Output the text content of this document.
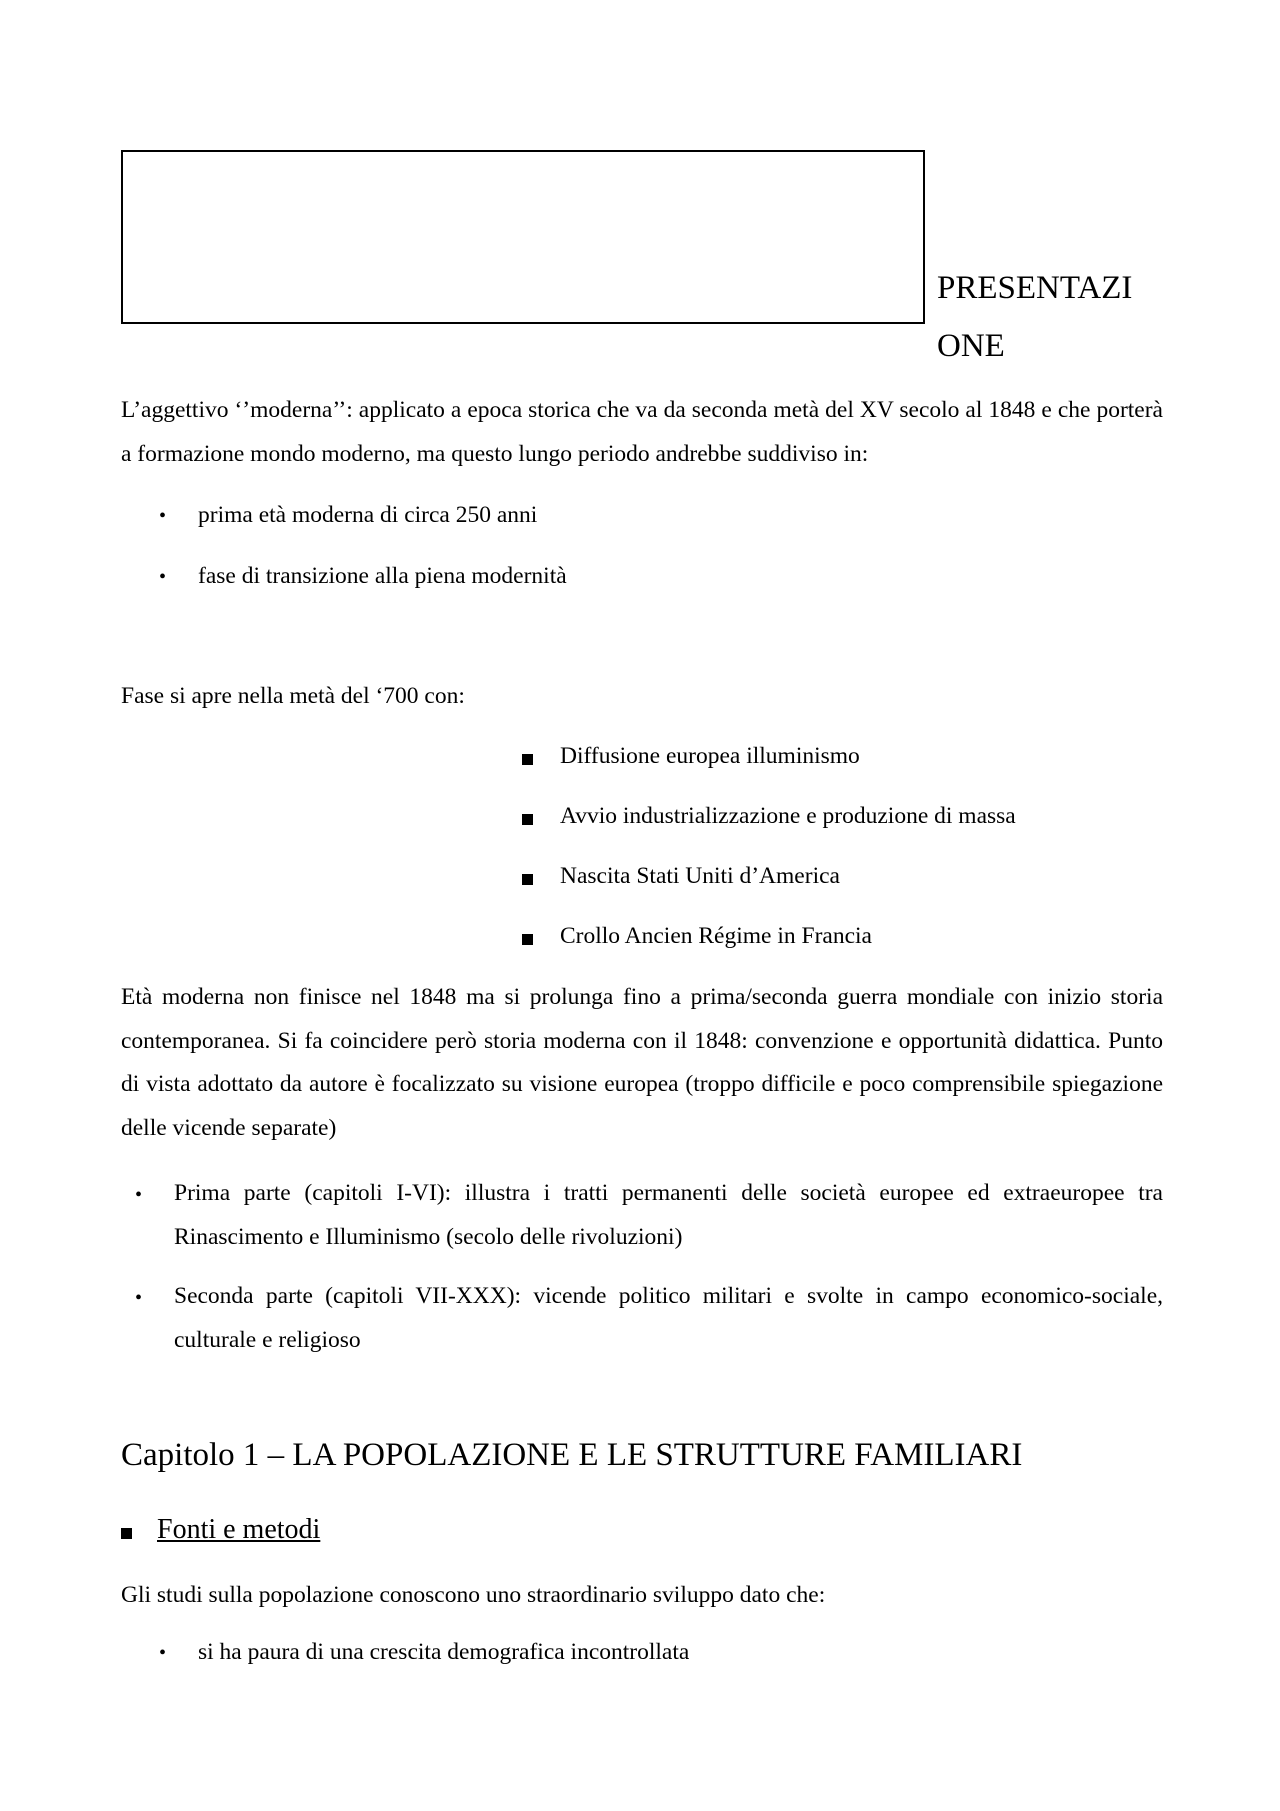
PRESENTAZI
ONE

L’aggettivo ‘’moderna’’: applicato a epoca storica che va da seconda metà del XV secolo al 1848 e che porterà a formazione mondo moderno, ma questo lungo periodo andrebbe suddiviso in:

• prima età moderna di circa 250 anni
• fase di transizione alla piena modernità
Fase si apre nella metà del ‘700 con:
Diffusione europea illuminismo
Avvio industrializzazione e produzione di massa
Nascita Stati Uniti d’America
Crollo Ancien Régime in Francia

Età moderna non finisce nel 1848 ma si prolunga fino a prima/seconda guerra mondiale con inizio storia contemporanea. Si fa coincidere però storia moderna con il 1848: convenzione e opportunità didattica. Punto di vista adottato da autore è focalizzato su visione europea (troppo difficile e poco comprensibile spiegazione delle vicende separate)

• Prima parte (capitoli I-VI): illustra i tratti permanenti delle società europee ed extraeuropee tra Rinascimento e Illuminismo (secolo delle rivoluzioni)

• Seconda parte (capitoli VII-XXX): vicende politico militari e svolte in campo economico-sociale, culturale e religioso

Capitolo 1 – LA POPOLAZIONE E LE STRUTTURE FAMILIARI
Fonti e metodi
Gli studi sulla popolazione conoscono uno straordinario sviluppo dato che:
• si ha paura di una crescita demografica incontrollata
